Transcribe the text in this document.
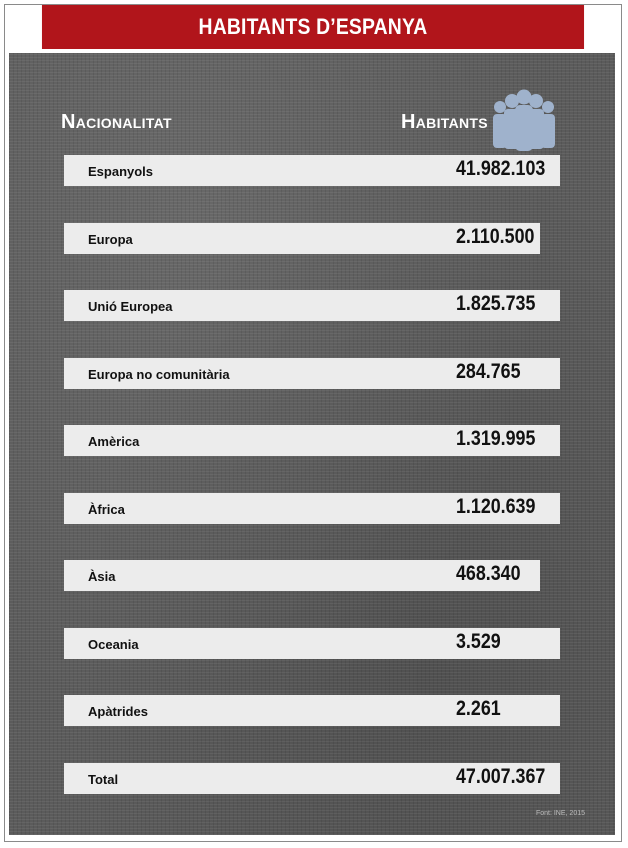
HABITANTS D’ESPANYA
Nacionalitat	Habitants
Espanyols	41.982.103
Europa	2.110.500
Unió Europea	1.825.735
Europa no comunitària	284.765
Amèrica	1.319.995
Àfrica	1.120.639
Àsia	468.340
Oceania	3.529
Apàtrides	2.261
Total	47.007.367
Font: INE, 2015
